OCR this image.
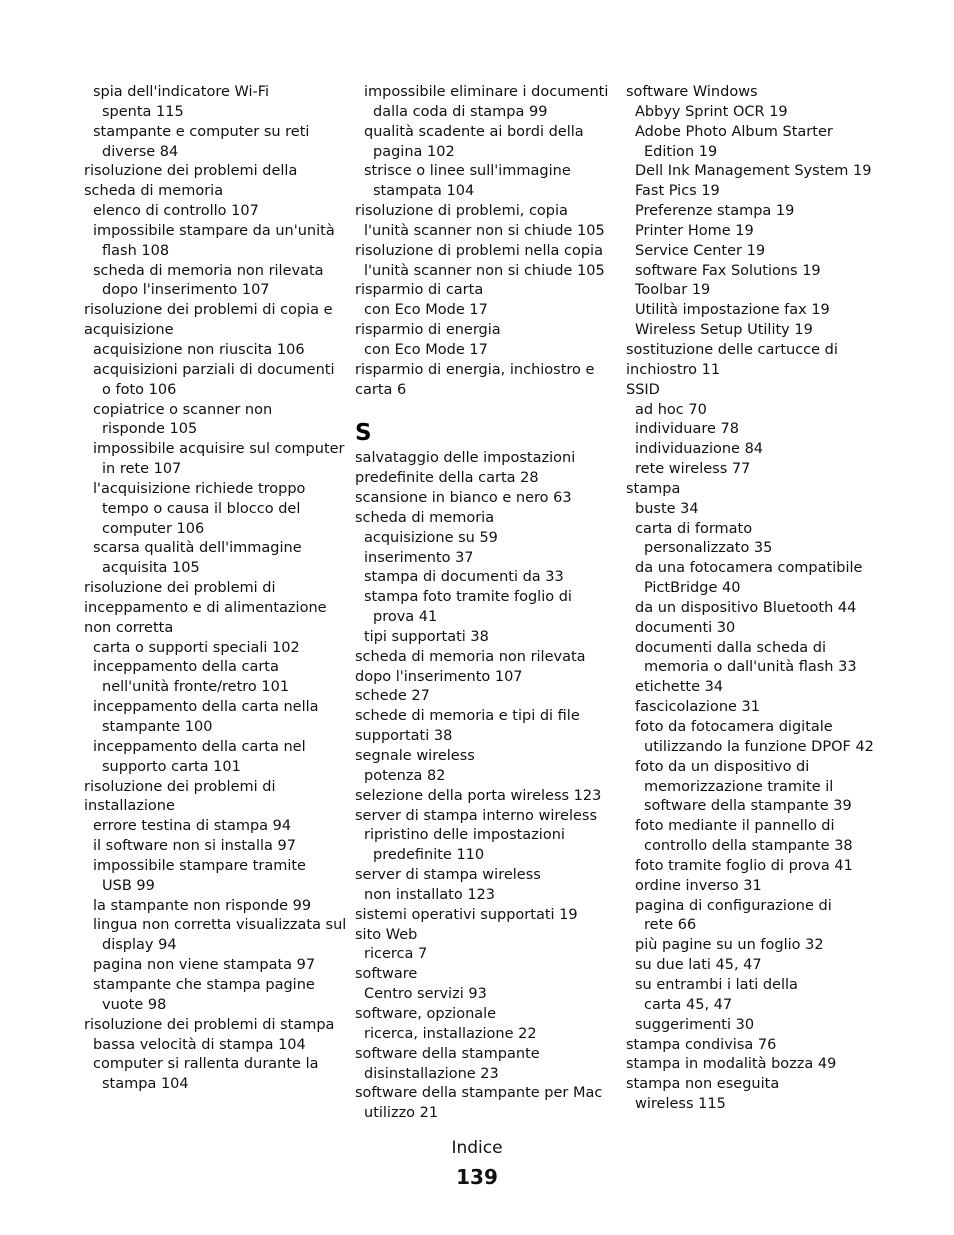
spia dell'indicatore Wi-Fi
spenta 115
stampante e computer su reti
diverse 84
risoluzione dei problemi della
scheda di memoria
elenco di controllo 107
impossibile stampare da un'unità
flash 108
scheda di memoria non rilevata
dopo l'inserimento 107
risoluzione dei problemi di copia e
acquisizione
acquisizione non riuscita 106
acquisizioni parziali di documenti
o foto 106
copiatrice o scanner non
risponde 105
impossibile acquisire sul computer
in rete 107
l'acquisizione richiede troppo
tempo o causa il blocco del
computer 106
scarsa qualità dell'immagine
acquisita 105
risoluzione dei problemi di
inceppamento e di alimentazione
non corretta
carta o supporti speciali 102
inceppamento della carta
nell'unità fronte/retro 101
inceppamento della carta nella
stampante 100
inceppamento della carta nel
supporto carta 101
risoluzione dei problemi di
installazione
errore testina di stampa 94
il software non si installa 97
impossibile stampare tramite
USB 99
la stampante non risponde 99
lingua non corretta visualizzata sul
display 94
pagina non viene stampata 97
stampante che stampa pagine
vuote 98
risoluzione dei problemi di stampa
bassa velocità di stampa 104
computer si rallenta durante la
stampa 104
impossibile eliminare i documenti
dalla coda di stampa 99
qualità scadente ai bordi della
pagina 102
strisce o linee sull'immagine
stampata 104
risoluzione di problemi, copia
l'unità scanner non si chiude 105
risoluzione di problemi nella copia
l'unità scanner non si chiude 105
risparmio di carta
con Eco Mode 17
risparmio di energia
con Eco Mode 17
risparmio di energia, inchiostro e
carta 6
S
salvataggio delle impostazioni
predefinite della carta 28
scansione in bianco e nero 63
scheda di memoria
acquisizione su 59
inserimento 37
stampa di documenti da 33
stampa foto tramite foglio di
prova 41
tipi supportati 38
scheda di memoria non rilevata
dopo l'inserimento 107
schede 27
schede di memoria e tipi di file
supportati 38
segnale wireless
potenza 82
selezione della porta wireless 123
server di stampa interno wireless
ripristino delle impostazioni
predefinite 110
server di stampa wireless
non installato 123
sistemi operativi supportati 19
sito Web
ricerca 7
software
Centro servizi 93
software, opzionale
ricerca, installazione 22
software della stampante
disinstallazione 23
software della stampante per Mac
utilizzo 21
software Windows
Abbyy Sprint OCR 19
Adobe Photo Album Starter
Edition 19
Dell Ink Management System 19
Fast Pics 19
Preferenze stampa 19
Printer Home 19
Service Center 19
software Fax Solutions 19
Toolbar 19
Utilità impostazione fax 19
Wireless Setup Utility 19
sostituzione delle cartucce di
inchiostro 11
SSID
ad hoc 70
individuare 78
individuazione 84
rete wireless 77
stampa
buste 34
carta di formato
personalizzato 35
da una fotocamera compatibile
PictBridge 40
da un dispositivo Bluetooth 44
documenti 30
documenti dalla scheda di
memoria o dall'unità flash 33
etichette 34
fascicolazione 31
foto da fotocamera digitale
utilizzando la funzione DPOF 42
foto da un dispositivo di
memorizzazione tramite il
software della stampante 39
foto mediante il pannello di
controllo della stampante 38
foto tramite foglio di prova 41
ordine inverso 31
pagina di configurazione di
rete 66
più pagine su un foglio 32
su due lati 45, 47
su entrambi i lati della
carta 45, 47
suggerimenti 30
stampa condivisa 76
stampa in modalità bozza 49
stampa non eseguita
wireless 115
Indice
139
